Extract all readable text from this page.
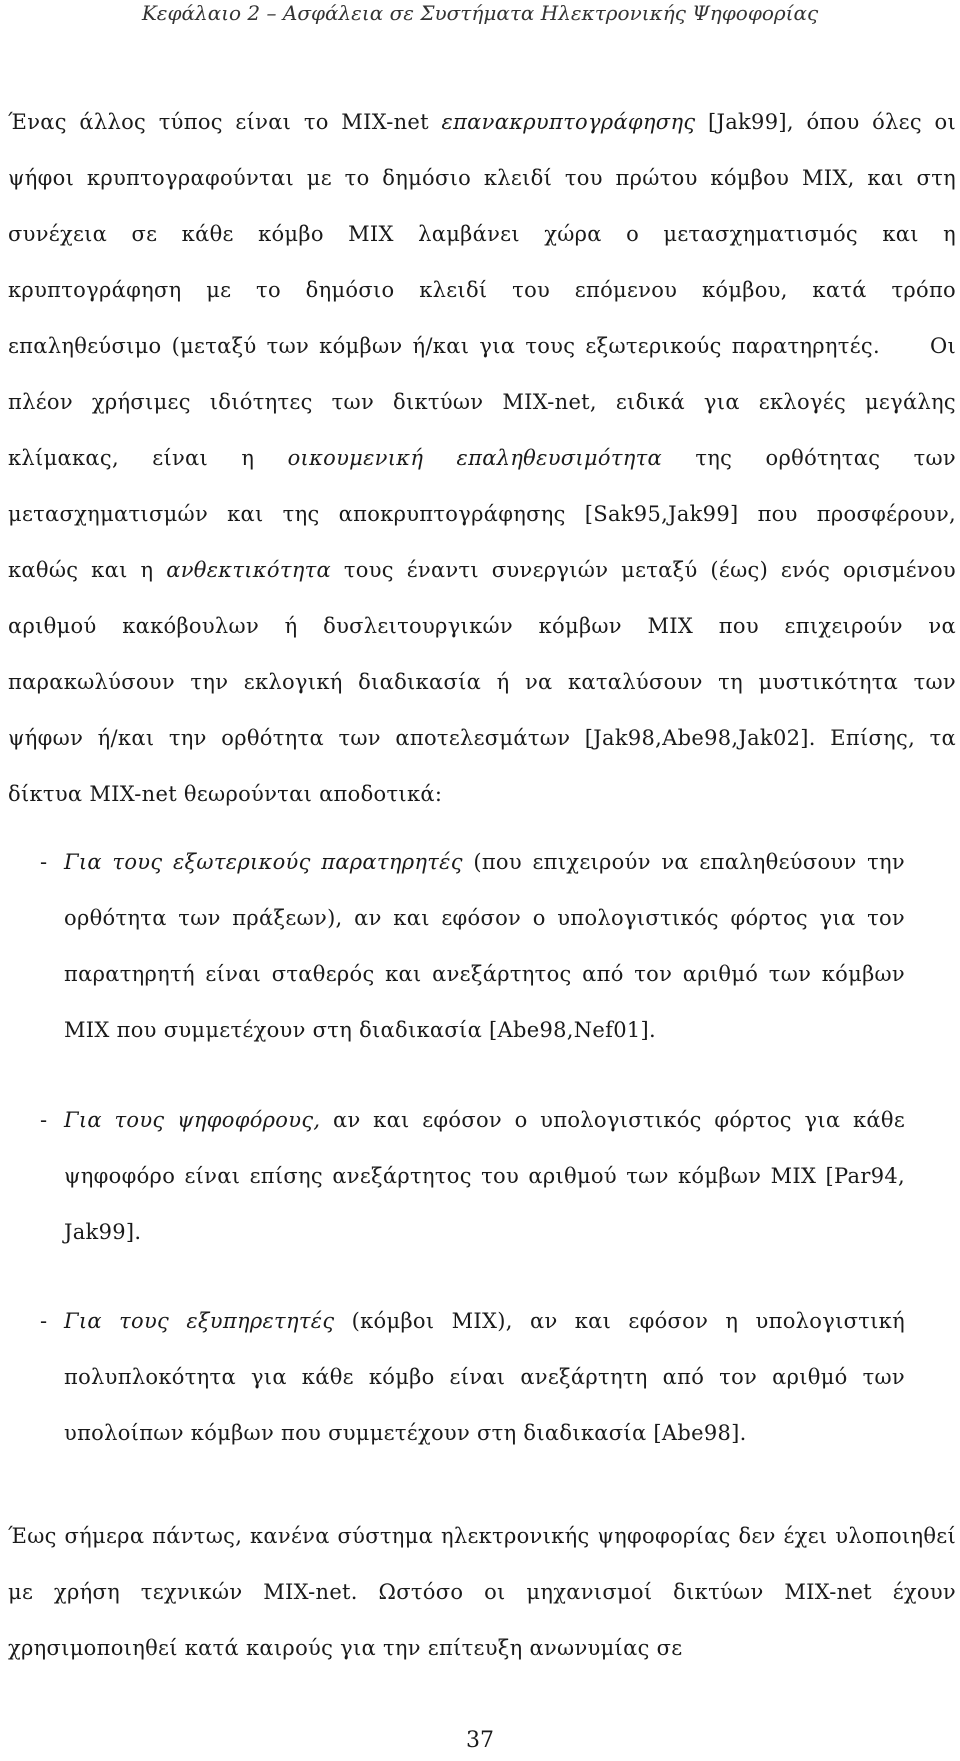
Κεφάλαιο 2 – Ασφάλεια σε Συστήματα Ηλεκτρονικής Ψηφοφορίας

Ένας άλλος τύπος είναι το MIX-net επανακρυπτογράφησης [Jak99], όπου όλες οι ψήφοι κρυπτογραφούνται με το δημόσιο κλειδί του πρώτου κόμβου MIX, και στη συνέχεια σε κάθε κόμβο MIX λαμβάνει χώρα ο μετασχηματισμός και η κρυπτογράφηση με το δημόσιο κλειδί του επόμενου κόμβου, κατά τρόπο επαληθεύσιμο (μεταξύ των κόμβων ή/και για τους εξωτερικούς παρατηρητές. Οι πλέον χρήσιμες ιδιότητες των δικτύων MIX-net, ειδικά για εκλογές μεγάλης κλίμακας, είναι η οικουμενική επαληθευσιμότητα της ορθότητας των μετασχηματισμών και της αποκρυπτογράφησης [Sak95,Jak99] που προσφέρουν, καθώς και η ανθεκτικότητα τους έναντι συνεργιών μεταξύ (έως) ενός ορισμένου αριθμού κακόβουλων ή δυσλειτουργικών κόμβων MIX που επιχειρούν να παρακωλύσουν την εκλογική διαδικασία ή να καταλύσουν τη μυστικότητα των ψήφων ή/και την ορθότητα των αποτελεσμάτων [Jak98,Abe98,Jak02]. Επίσης, τα δίκτυα MIX-net θεωρούνται αποδοτικά:

- Για τους εξωτερικούς παρατηρητές (που επιχειρούν να επαληθεύσουν την ορθότητα των πράξεων), αν και εφόσον ο υπολογιστικός φόρτος για τον παρατηρητή είναι σταθερός και ανεξάρτητος από τον αριθμό των κόμβων MIX που συμμετέχουν στη διαδικασία [Abe98,Nef01].
- Για τους ψηφοφόρους, αν και εφόσον ο υπολογιστικός φόρτος για κάθε ψηφοφόρο είναι επίσης ανεξάρτητος του αριθμού των κόμβων MIX [Par94, Jak99].
- Για τους εξυπηρετητές (κόμβοι MIX), αν και εφόσον η υπολογιστική πολυπλοκότητα για κάθε κόμβο είναι ανεξάρτητη από τον αριθμό των υπολοίπων κόμβων που συμμετέχουν στη διαδικασία [Abe98].

Έως σήμερα πάντως, κανένα σύστημα ηλεκτρονικής ψηφοφορίας δεν έχει υλοποιηθεί με χρήση τεχνικών MIX-net. Ωστόσο οι μηχανισμοί δικτύων MIX-net έχουν χρησιμοποιηθεί κατά καιρούς για την επίτευξη ανωνυμίας σε

37
